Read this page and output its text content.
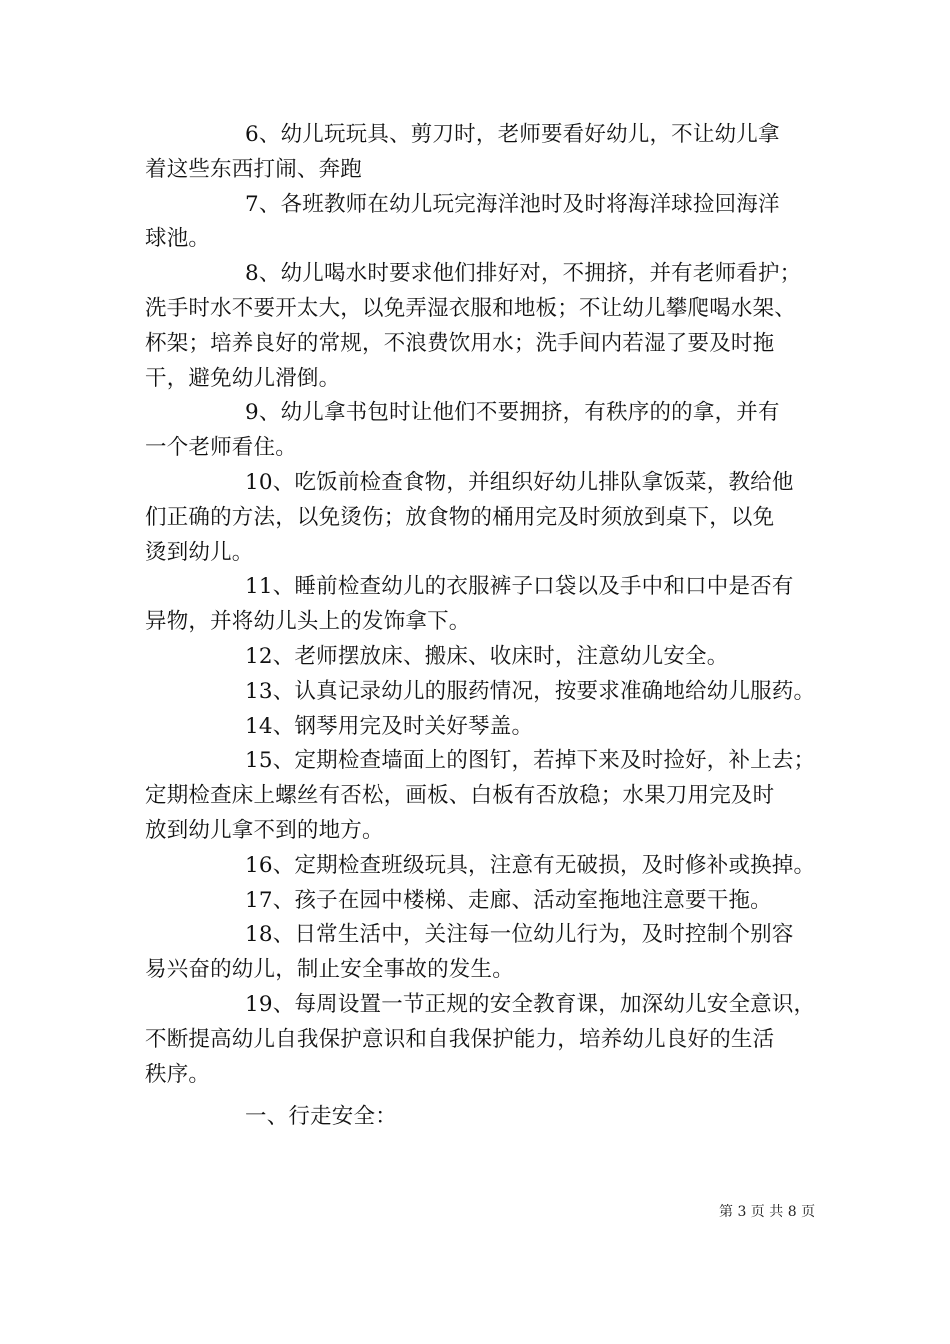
6、幼儿玩玩具、剪刀时，老师要看好幼儿，不让幼儿拿
着这些东西打闹、奔跑
7、各班教师在幼儿玩完海洋池时及时将海洋球捡回海洋
球池。
8、幼儿喝水时要求他们排好对，不拥挤，并有老师看护；
洗手时水不要开太大，以免弄湿衣服和地板；不让幼儿攀爬喝水架、
杯架；培养良好的常规，不浪费饮用水；洗手间内若湿了要及时拖
干，避免幼儿滑倒。
9、幼儿拿书包时让他们不要拥挤，有秩序的的拿，并有
一个老师看住。
10、吃饭前检查食物，并组织好幼儿排队拿饭菜，教给他
们正确的方法，以免烫伤；放食物的桶用完及时须放到桌下，以免
烫到幼儿。
11、睡前检查幼儿的衣服裤子口袋以及手中和口中是否有
异物，并将幼儿头上的发饰拿下。
12、老师摆放床、搬床、收床时，注意幼儿安全。
13、认真记录幼儿的服药情况，按要求准确地给幼儿服药。
14、钢琴用完及时关好琴盖。
15、定期检查墙面上的图钉，若掉下来及时捡好，补上去；
定期检查床上螺丝有否松，画板、白板有否放稳；水果刀用完及时
放到幼儿拿不到的地方。
16、定期检查班级玩具，注意有无破损，及时修补或换掉。
17、孩子在园中楼梯、走廊、活动室拖地注意要干拖。
18、日常生活中，关注每一位幼儿行为，及时控制个别容
易兴奋的幼儿，制止安全事故的发生。
19、每周设置一节正规的安全教育课，加深幼儿安全意识，
不断提高幼儿自我保护意识和自我保护能力，培养幼儿良好的生活
秩序。
一、行走安全：
第 3 页 共 8 页
